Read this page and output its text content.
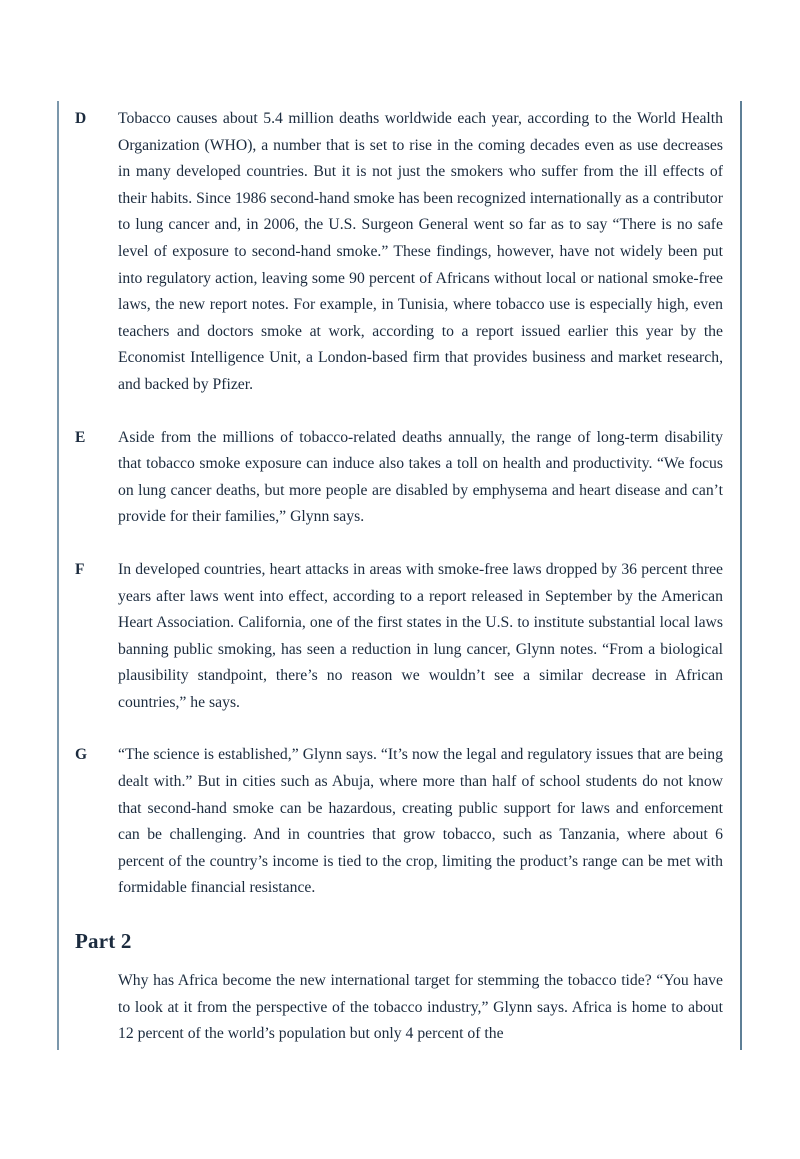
D	Tobacco causes about 5.4 million deaths worldwide each year, according to the World Health Organization (WHO), a number that is set to rise in the coming decades even as use decreases in many developed countries. But it is not just the smokers who suffer from the ill effects of their habits. Since 1986 second-hand smoke has been recognized internationally as a contributor to lung cancer and, in 2006, the U.S. Surgeon General went so far as to say “There is no safe level of exposure to second-hand smoke.” These findings, however, have not widely been put into regulatory action, leaving some 90 percent of Africans without local or national smoke-free laws, the new report notes. For example, in Tunisia, where tobacco use is especially high, even teachers and doctors smoke at work, according to a report issued earlier this year by the Economist Intelligence Unit, a London-based firm that provides business and market research, and backed by Pfizer.
E	Aside from the millions of tobacco-related deaths annually, the range of long-term disability that tobacco smoke exposure can induce also takes a toll on health and productivity. “We focus on lung cancer deaths, but more people are disabled by emphysema and heart disease and can’t provide for their families,” Glynn says.
F	In developed countries, heart attacks in areas with smoke-free laws dropped by 36 percent three years after laws went into effect, according to a report released in September by the American Heart Association. California, one of the first states in the U.S. to institute substantial local laws banning public smoking, has seen a reduction in lung cancer, Glynn notes. “From a biological plausibility standpoint, there’s no reason we wouldn’t see a similar decrease in African countries,” he says.
G	“The science is established,” Glynn says. “It’s now the legal and regulatory issues that are being dealt with.” But in cities such as Abuja, where more than half of school students do not know that second-hand smoke can be hazardous, creating public support for laws and enforcement can be challenging. And in countries that grow tobacco, such as Tanzania, where about 6 percent of the country’s income is tied to the crop, limiting the product’s range can be met with formidable financial resistance.
Part 2
Why has Africa become the new international target for stemming the tobacco tide? “You have to look at it from the perspective of the tobacco industry,” Glynn says. Africa is home to about 12 percent of the world’s population but only 4 percent of the
